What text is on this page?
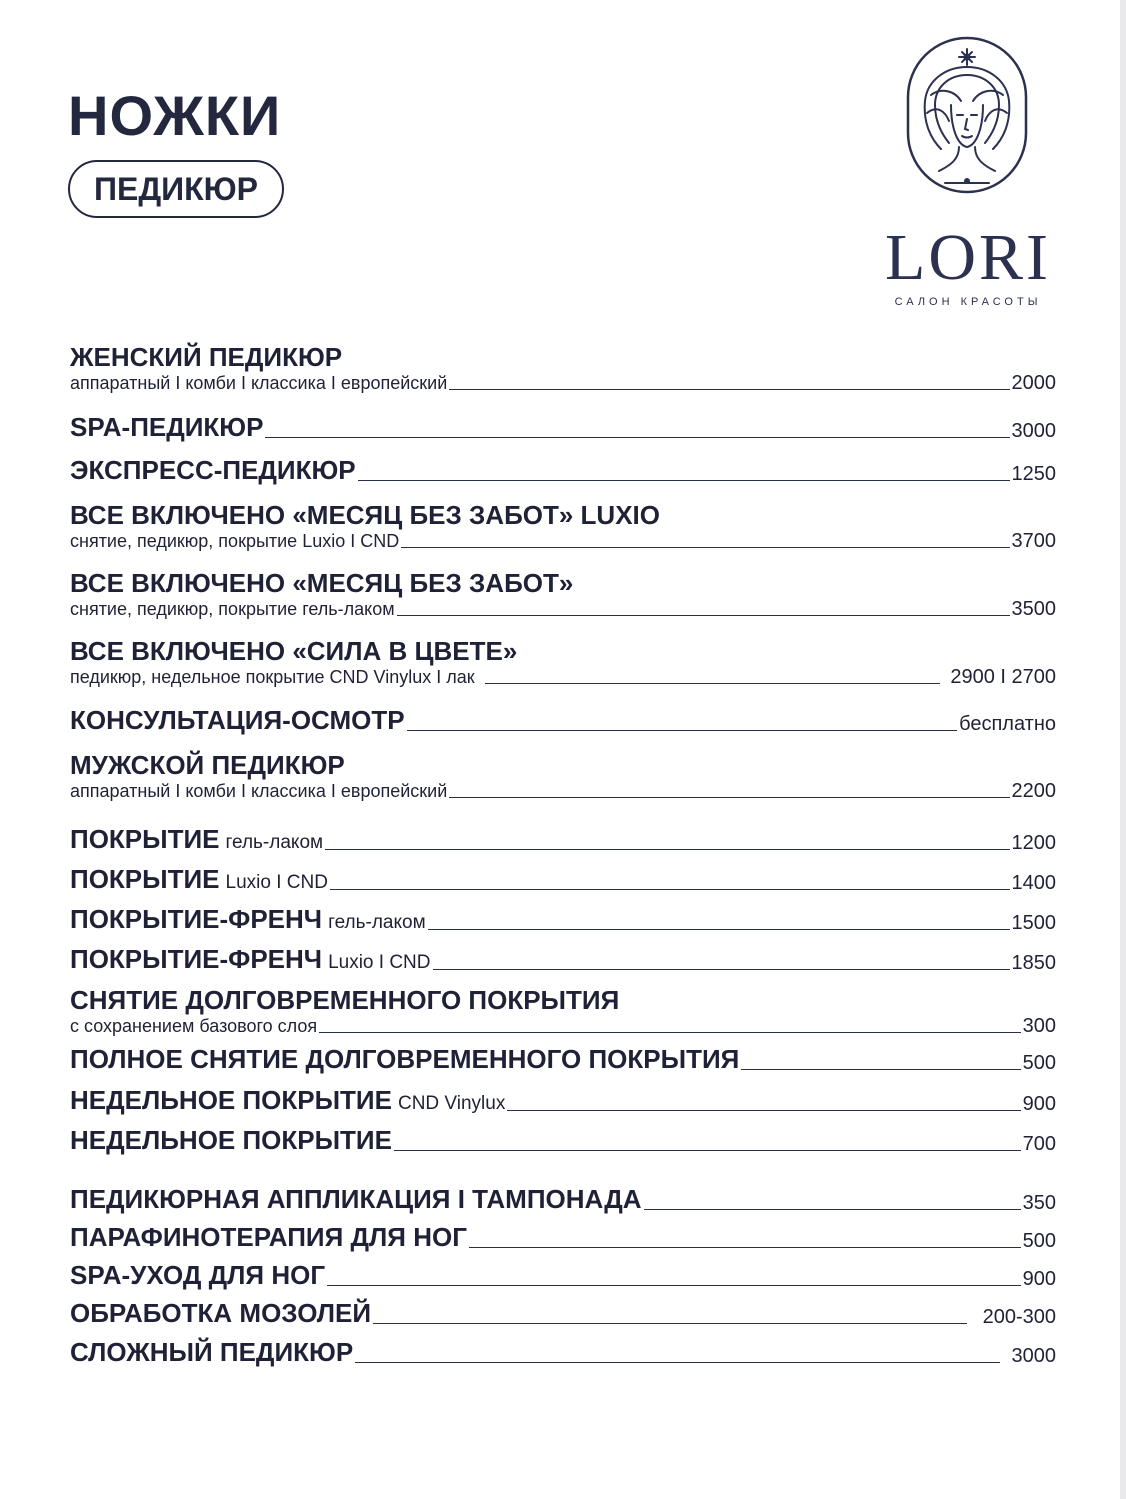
НОЖКИ
ПЕДИКЮР
LORI
САЛОН КРАСОТЫ
ЖЕНСКИЙ ПЕДИКЮР
аппаратный I комби I классика I европейский	2000
SPA-ПЕДИКЮР	3000
ЭКСПРЕСС-ПЕДИКЮР	1250
ВСЕ ВКЛЮЧЕНО «МЕСЯЦ БЕЗ ЗАБОТ» LUXIO
снятие, педикюр, покрытие Luxio I CND	3700
ВСЕ ВКЛЮЧЕНО «МЕСЯЦ БЕЗ ЗАБОТ»
снятие, педикюр, покрытие гель-лаком	3500
ВСЕ ВКЛЮЧЕНО «СИЛА В ЦВЕТЕ»
педикюр, недельное покрытие CND Vinylux I лак	2900 I 2700
КОНСУЛЬТАЦИЯ-ОСМОТР	бесплатно
МУЖСКОЙ ПЕДИКЮР
аппаратный I комби I классика I европейский	2200
ПОКРЫТИЕ гель-лаком	1200
ПОКРЫТИЕ Luxio I CND	1400
ПОКРЫТИЕ-ФРЕНЧ гель-лаком	1500
ПОКРЫТИЕ-ФРЕНЧ Luxio I CND	1850
СНЯТИЕ ДОЛГОВРЕМЕННОГО ПОКРЫТИЯ
с сохранением базового слоя	300
ПОЛНОЕ СНЯТИЕ ДОЛГОВРЕМЕННОГО ПОКРЫТИЯ	500
НЕДЕЛЬНОЕ ПОКРЫТИЕ CND Vinylux	900
НЕДЕЛЬНОЕ ПОКРЫТИЕ	700
ПЕДИКЮРНАЯ АППЛИКАЦИЯ I ТАМПОНАДА	350
ПАРАФИНОТЕРАПИЯ ДЛЯ НОГ	500
SPA-УХОД ДЛЯ НОГ	900
ОБРАБОТКА МОЗОЛЕЙ	200-300
СЛОЖНЫЙ ПЕДИКЮР	3000
